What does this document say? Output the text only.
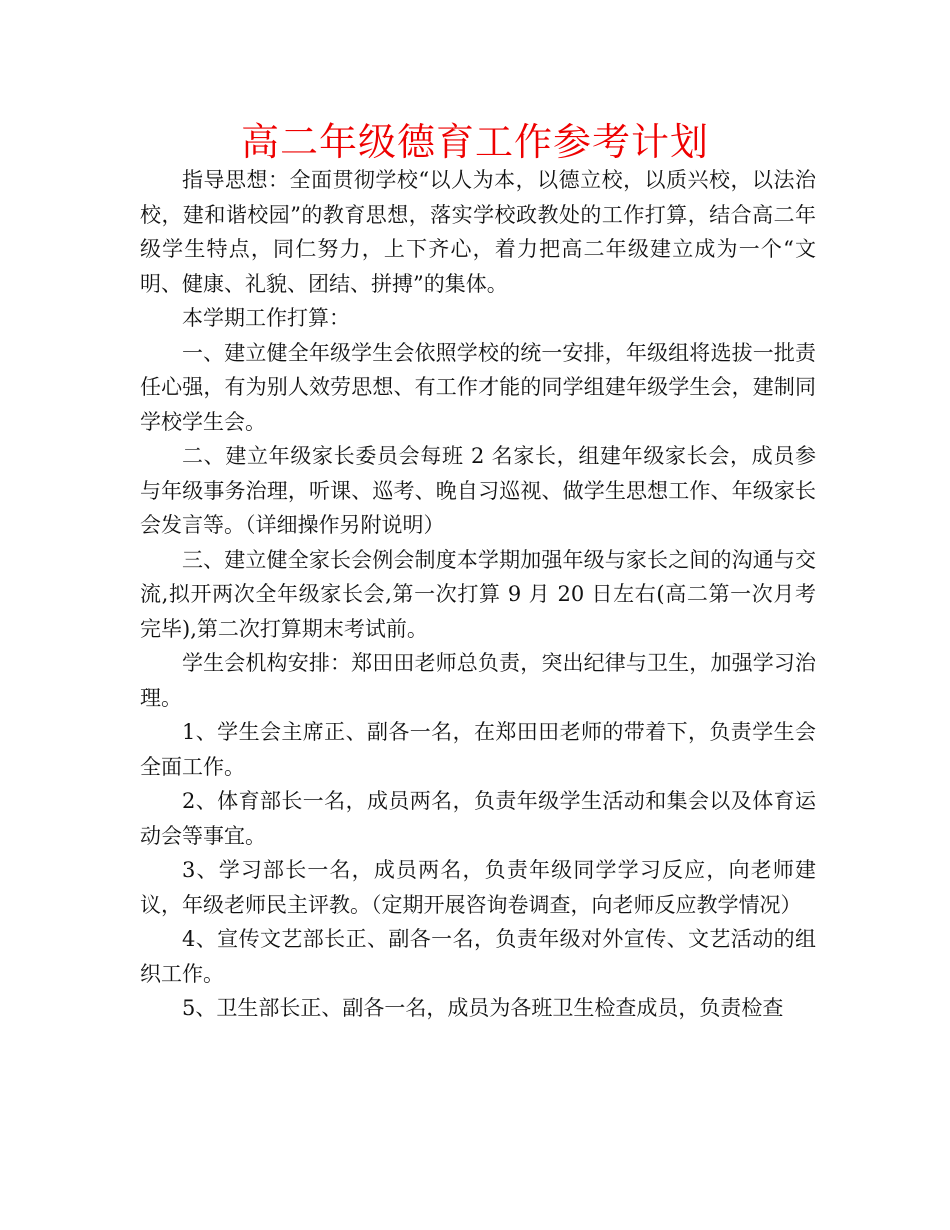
高二年级德育工作参考计划

指导思想：全面贯彻学校“以人为本，以德立校，以质兴校，以法治校，建和谐校园”的教育思想，落实学校政教处的工作打算，结合高二年级学生特点，同仁努力，上下齐心，着力把高二年级建立成为一个“文明、健康、礼貌、团结、拼搏”的集体。

本学期工作打算：

一、建立健全年级学生会依照学校的统一安排，年级组将选拔一批责任心强，有为别人效劳思想、有工作才能的同学组建年级学生会，建制同学校学生会。

二、建立年级家长委员会每班 2 名家长，组建年级家长会，成员参与年级事务治理，听课、巡考、晚自习巡视、做学生思想工作、年级家长会发言等。（详细操作另附说明）

三、建立健全家长会例会制度本学期加强年级与家长之间的沟通与交流,拟开两次全年级家长会,第一次打算 9 月 20 日左右(高二第一次月考完毕),第二次打算期末考试前。

学生会机构安排：郑田田老师总负责，突出纪律与卫生，加强学习治理。

1、学生会主席正、副各一名，在郑田田老师的带着下，负责学生会全面工作。

2、体育部长一名，成员两名，负责年级学生活动和集会以及体育运动会等事宜。

3、学习部长一名，成员两名，负责年级同学学习反应，向老师建议，年级老师民主评教。（定期开展咨询卷调查，向老师反应教学情况）

4、宣传文艺部长正、副各一名，负责年级对外宣传、文艺活动的组织工作。

5、卫生部长正、副各一名，成员为各班卫生检查成员，负责检查
